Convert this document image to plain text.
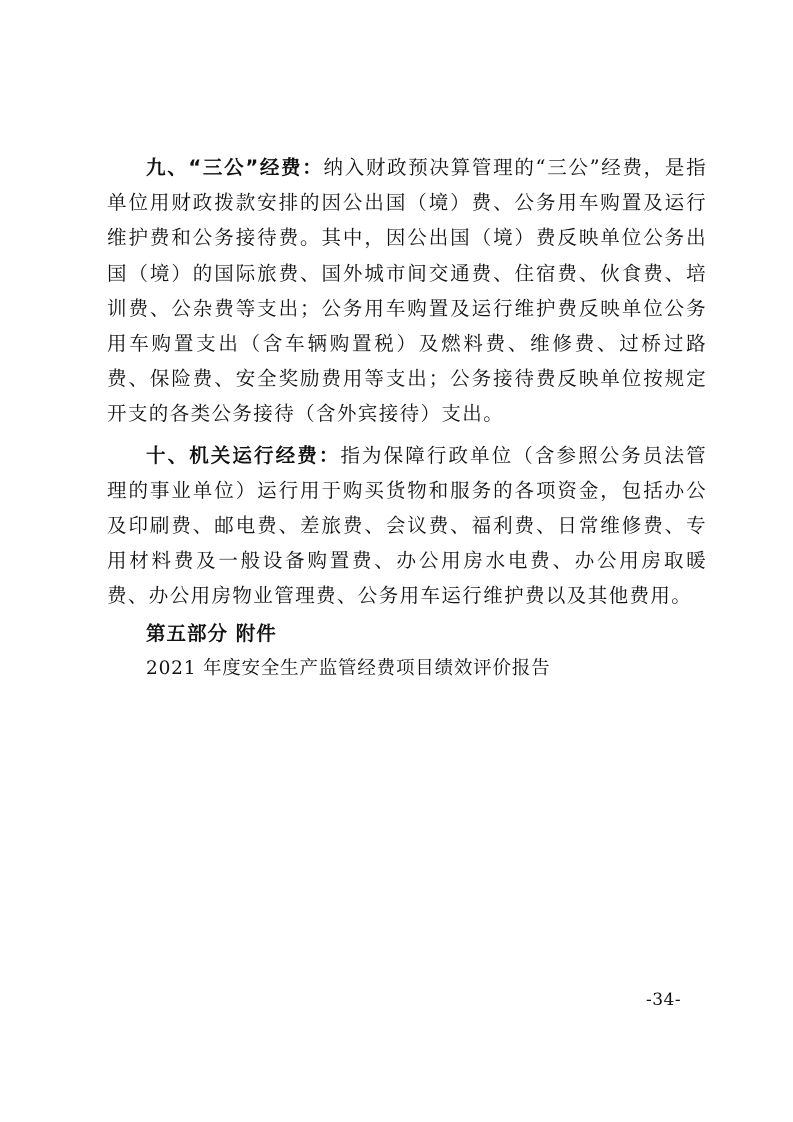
九、“三公”经费：纳入财政预决算管理的“三公”经费，是指单位用财政拨款安排的因公出国（境）费、公务用车购置及运行维护费和公务接待费。其中，因公出国（境）费反映单位公务出国（境）的国际旅费、国外城市间交通费、住宿费、伙食费、培训费、公杂费等支出；公务用车购置及运行维护费反映单位公务用车购置支出（含车辆购置税）及燃料费、维修费、过桥过路费、保险费、安全奖励费用等支出；公务接待费反映单位按规定开支的各类公务接待（含外宾接待）支出。

十、机关运行经费：指为保障行政单位（含参照公务员法管理的事业单位）运行用于购买货物和服务的各项资金，包括办公及印刷费、邮电费、差旅费、会议费、福利费、日常维修费、专用材料费及一般设备购置费、办公用房水电费、办公用房取暖费、办公用房物业管理费、公务用车运行维护费以及其他费用。

第五部分 附件

2021 年度安全生产监管经费项目绩效评价报告

-34-
